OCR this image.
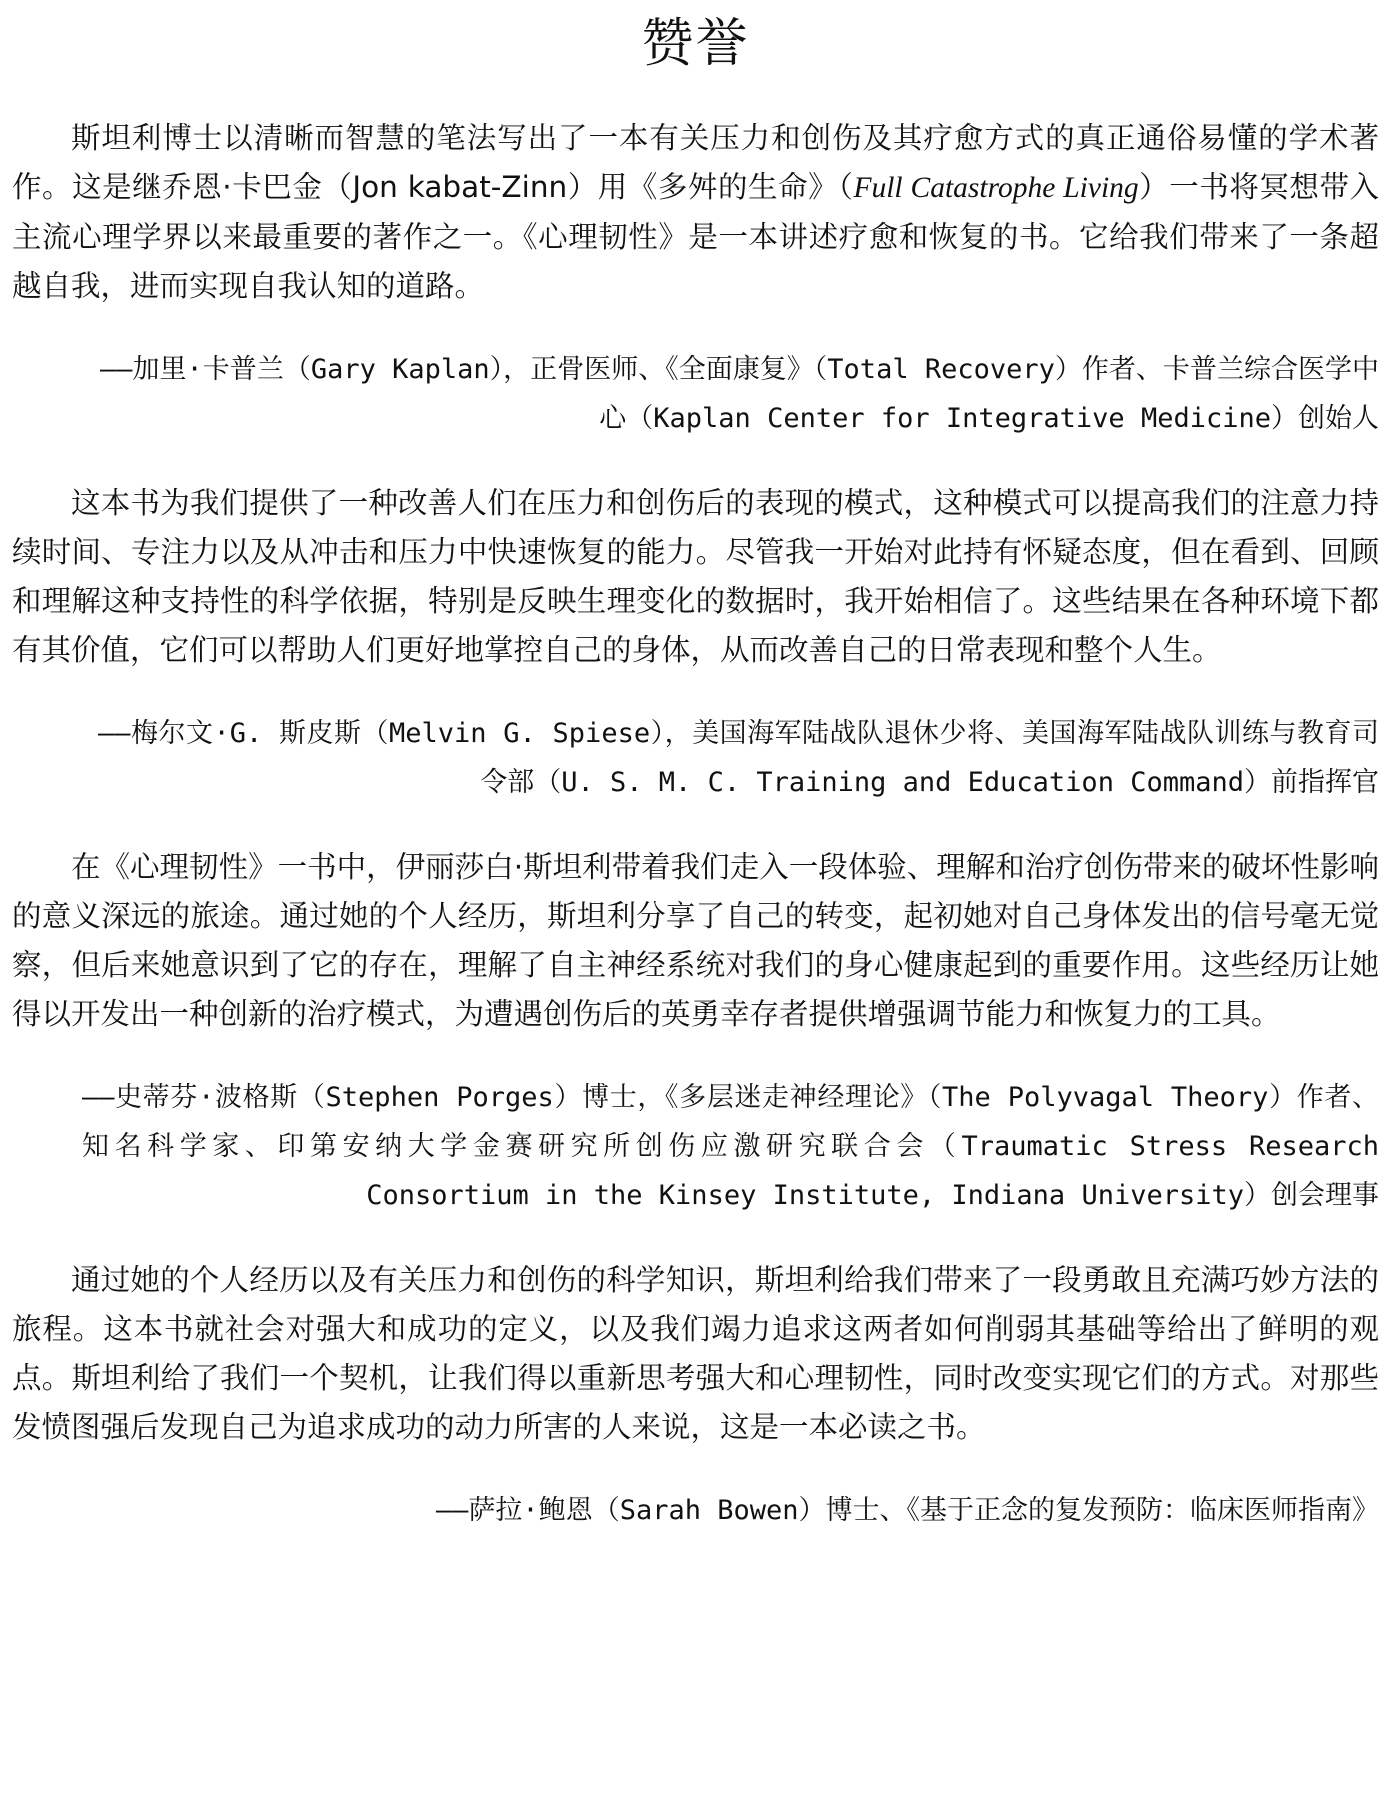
赞誉

斯坦利博士以清晰而智慧的笔法写出了一本有关压力和创伤及其疗愈方式的真正通俗易懂的学术著作。这是继乔恩·卡巴金（Jon kabat-Zinn）用《多舛的生命》（Full Catastrophe Living）一书将冥想带入主流心理学界以来最重要的著作之一。《心理韧性》是一本讲述疗愈和恢复的书。它给我们带来了一条超越自我，进而实现自我认知的道路。

——加里·卡普兰（Gary Kaplan），正骨医师、《全面康复》（Total Recovery）作者、卡普兰综合医学中心（Kaplan Center for Integrative Medicine）创始人

这本书为我们提供了一种改善人们在压力和创伤后的表现的模式，这种模式可以提高我们的注意力持续时间、专注力以及从冲击和压力中快速恢复的能力。尽管我一开始对此持有怀疑态度，但在看到、回顾和理解这种支持性的科学依据，特别是反映生理变化的数据时，我开始相信了。这些结果在各种环境下都有其价值，它们可以帮助人们更好地掌控自己的身体，从而改善自己的日常表现和整个人生。

——梅尔文·G. 斯皮斯（Melvin G. Spiese），美国海军陆战队退休少将、美国海军陆战队训练与教育司令部（U. S. M. C. Training and Education Command）前指挥官

在《心理韧性》一书中，伊丽莎白·斯坦利带着我们走入一段体验、理解和治疗创伤带来的破坏性影响的意义深远的旅途。通过她的个人经历，斯坦利分享了自己的转变，起初她对自己身体发出的信号毫无觉察，但后来她意识到了它的存在，理解了自主神经系统对我们的身心健康起到的重要作用。这些经历让她得以开发出一种创新的治疗模式，为遭遇创伤后的英勇幸存者提供增强调节能力和恢复力的工具。

——史蒂芬·波格斯（Stephen Porges）博士，《多层迷走神经理论》（The Polyvagal Theory）作者、知名科学家、印第安纳大学金赛研究所创伤应激研究联合会（Traumatic Stress Research Consortium in the Kinsey Institute, Indiana University）创会理事

通过她的个人经历以及有关压力和创伤的科学知识，斯坦利给我们带来了一段勇敢且充满巧妙方法的旅程。这本书就社会对强大和成功的定义，以及我们竭力追求这两者如何削弱其基础等给出了鲜明的观点。斯坦利给了我们一个契机，让我们得以重新思考强大和心理韧性，同时改变实现它们的方式。对那些发愤图强后发现自己为追求成功的动力所害的人来说，这是一本必读之书。

——萨拉·鲍恩（Sarah Bowen）博士、《基于正念的复发预防：临床医师指南》
